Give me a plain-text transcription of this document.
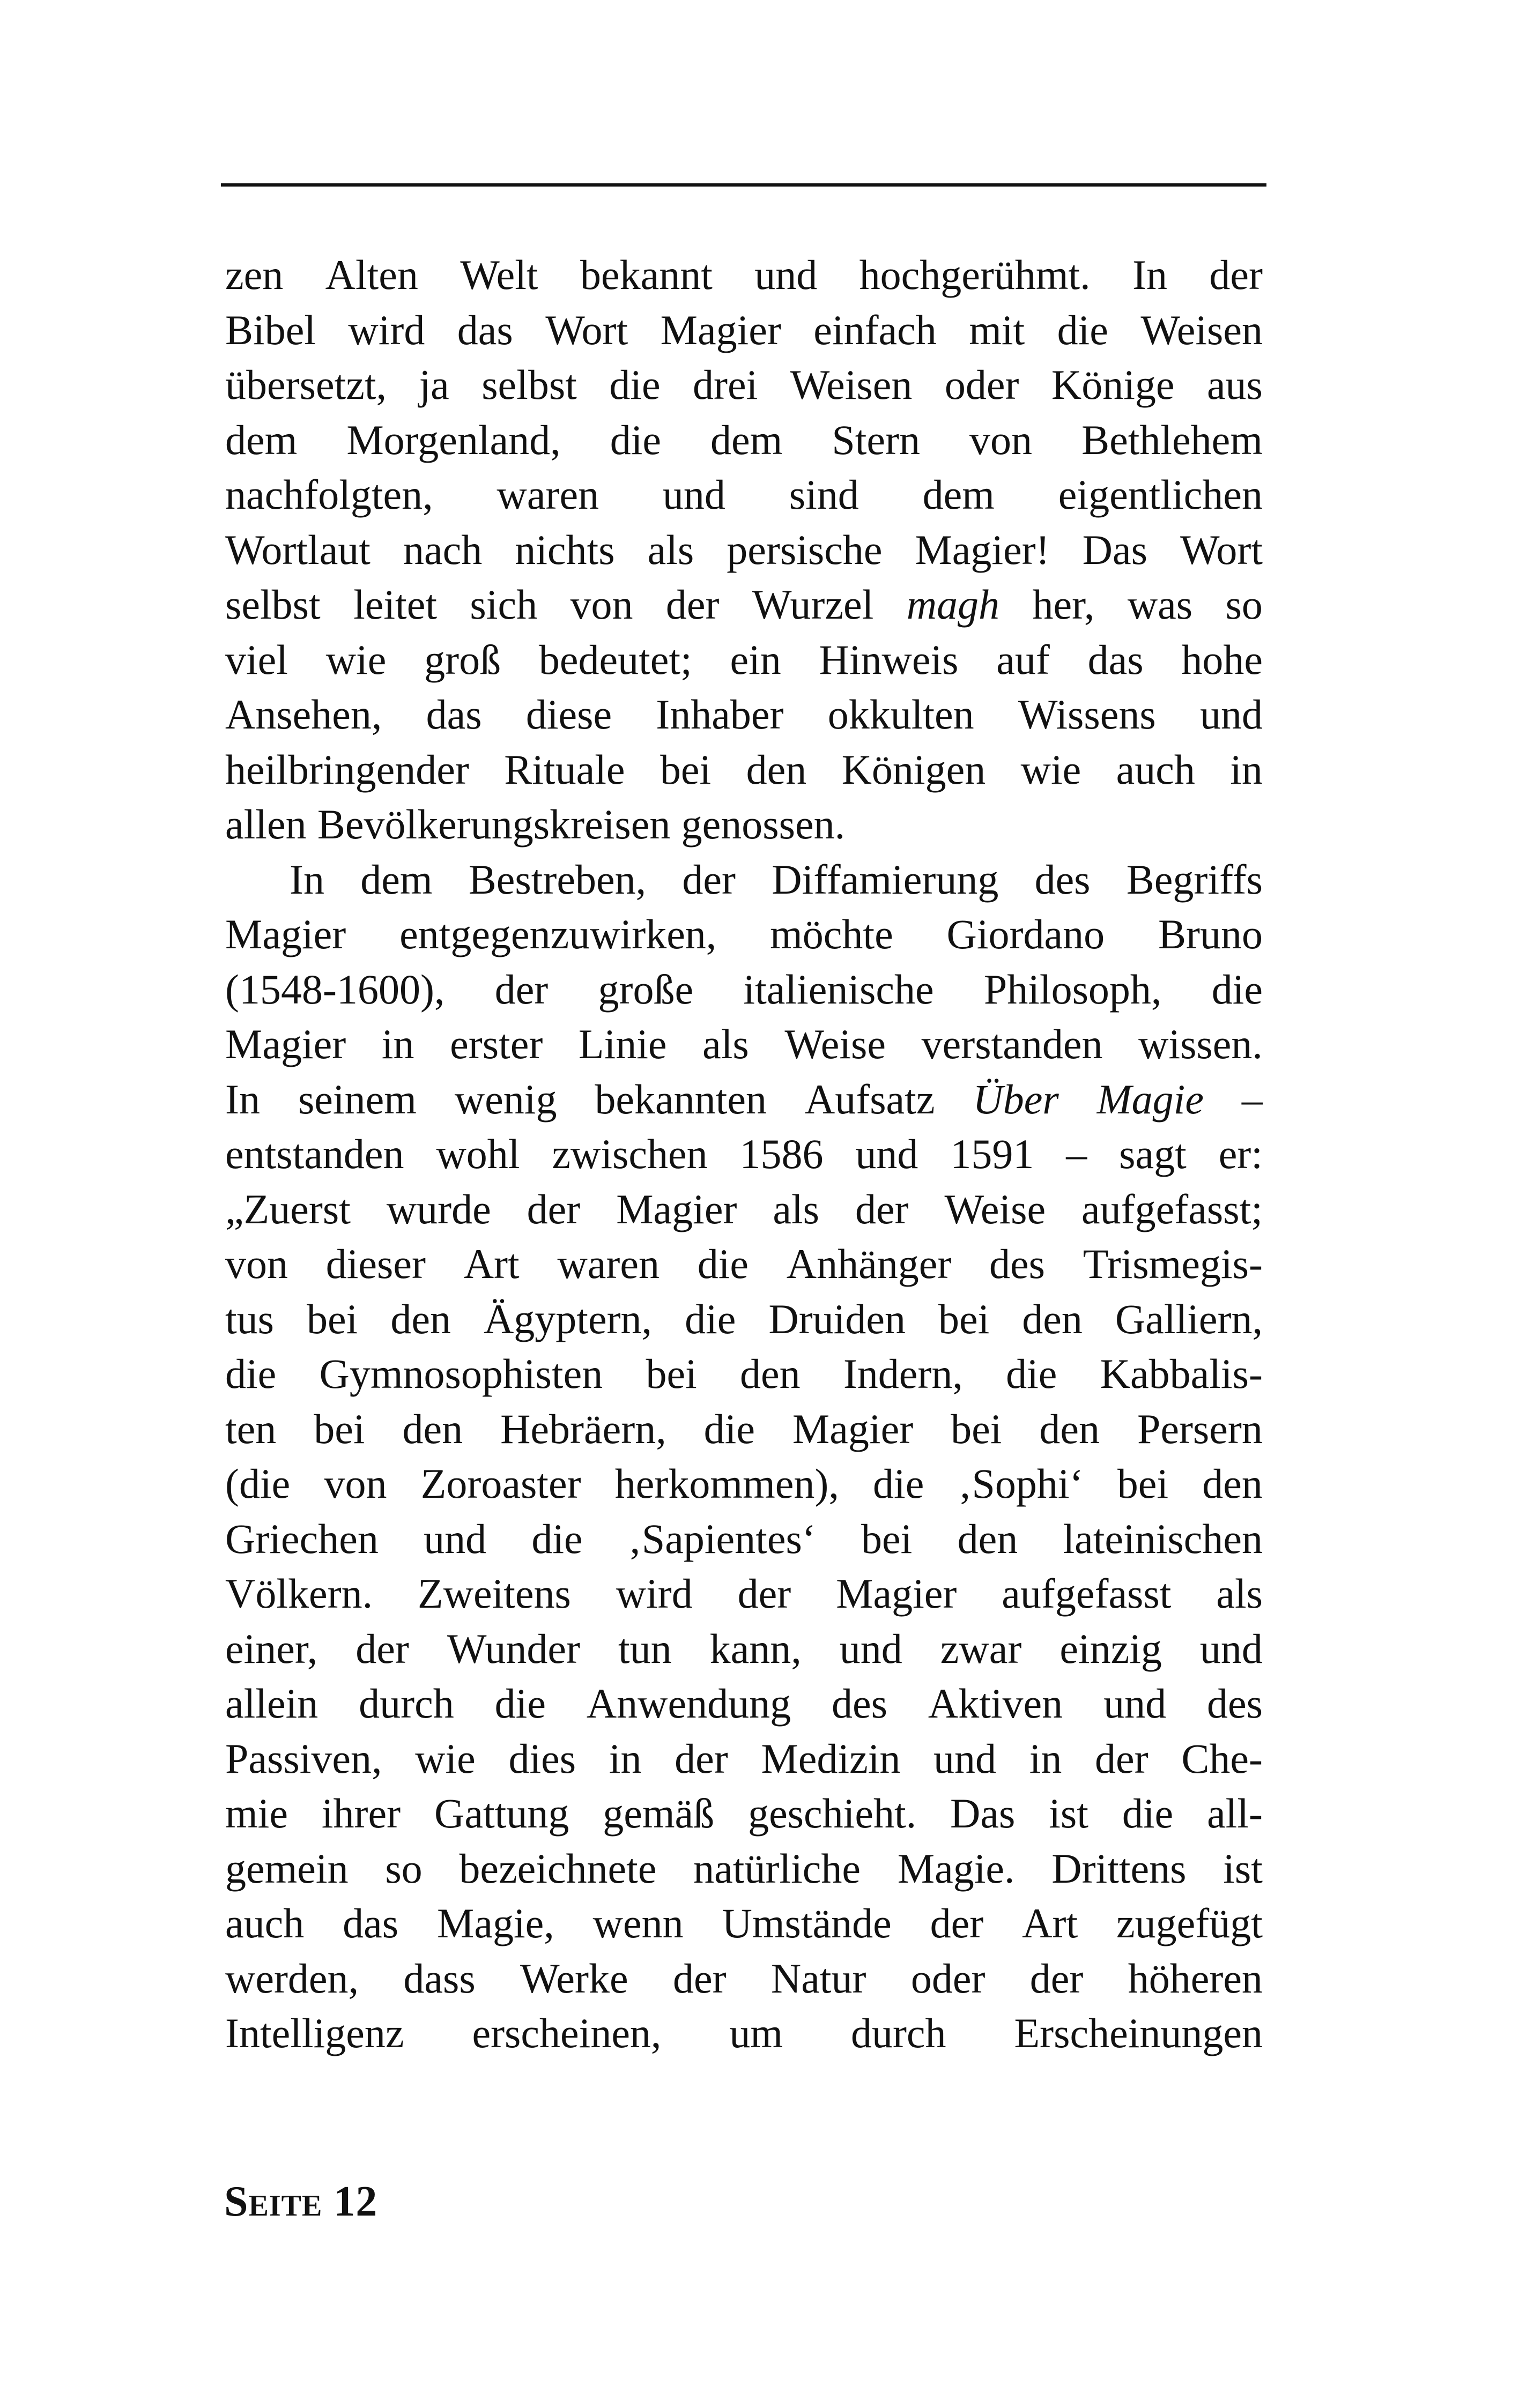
zen Alten Welt bekannt und hochgerühmt. In der
Bibel wird das Wort Magier einfach mit die Weisen
übersetzt, ja selbst die drei Weisen oder Könige aus
dem Morgenland, die dem Stern von Bethlehem
nachfolgten, waren und sind dem eigentlichen
Wortlaut nach nichts als persische Magier! Das Wort
selbst leitet sich von der Wurzel magh her, was so
viel wie groß bedeutet; ein Hinweis auf das hohe
Ansehen, das diese Inhaber okkulten Wissens und
heilbringender Rituale bei den Königen wie auch in
allen Bevölkerungskreisen genossen.
In dem Bestreben, der Diffamierung des Begriffs
Magier entgegenzuwirken, möchte Giordano Bruno
(1548-1600), der große italienische Philosoph, die
Magier in erster Linie als Weise verstanden wissen.
In seinem wenig bekannten Aufsatz Über Magie –
entstanden wohl zwischen 1586 und 1591 – sagt er:
„Zuerst wurde der Magier als der Weise aufgefasst;
von dieser Art waren die Anhänger des Trismegis-
tus bei den Ägyptern, die Druiden bei den Galliern,
die Gymnosophisten bei den Indern, die Kabbalis-
ten bei den Hebräern, die Magier bei den Persern
(die von Zoroaster herkommen), die ‚Sophi‘ bei den
Griechen und die ‚Sapientes‘ bei den lateinischen
Völkern. Zweitens wird der Magier aufgefasst als
einer, der Wunder tun kann, und zwar einzig und
allein durch die Anwendung des Aktiven und des
Passiven, wie dies in der Medizin und in der Che-
mie ihrer Gattung gemäß geschieht. Das ist die all-
gemein so bezeichnete natürliche Magie. Drittens ist
auch das Magie, wenn Umstände der Art zugefügt
werden, dass Werke der Natur oder der höheren
Intelligenz erscheinen, um durch Erscheinungen
Seite 12
